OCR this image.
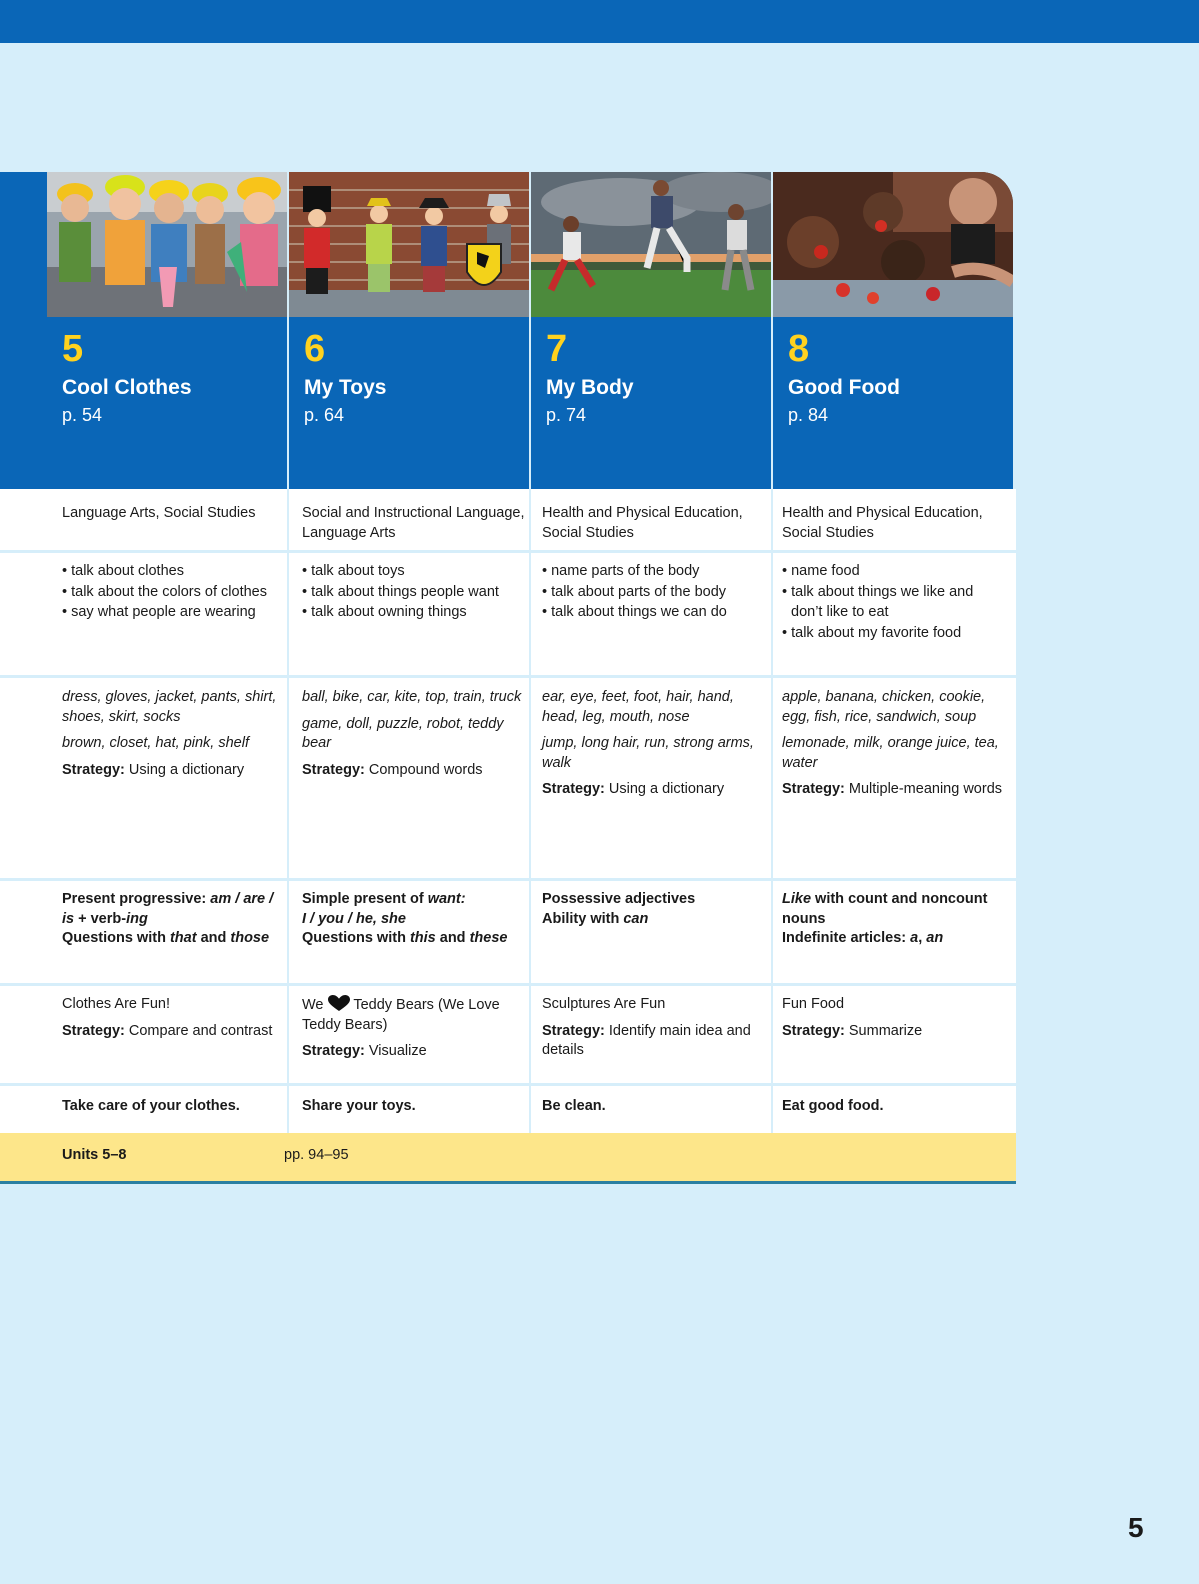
5
Cool Clothes
p. 54
6
My Toys
p. 64
7
My Body
p. 74
8
Good Food
p. 84

Language Arts, Social Studies

• talk about clothes
• talk about the colors of clothes
• say what people are wearing

dress, gloves, jacket, pants, shirt, shoes, skirt, socks

brown, closet, hat, pink, shelf

Strategy: Using a dictionary

Present progressive: am / are / is + verb-ing
Questions with that and those

Clothes Are Fun!

Strategy: Compare and contrast

Take care of your clothes.

Social and Instructional Language, Language Arts

• talk about toys
• talk about things people want
• talk about owning things

ball, bike, car, kite, top, train, truck

game, doll, puzzle, robot, teddy bear

Strategy: Compound words

Simple present of want:
I / you / he, she
Questions with this and these

We Teddy Bears (We Love Teddy Bears)

Strategy: Visualize

Share your toys.

Health and Physical Education, Social Studies

• name parts of the body
• talk about parts of the body
• talk about things we can do

ear, eye, feet, foot, hair, hand, head, leg, mouth, nose

jump, long hair, run, strong arms, walk

Strategy: Using a dictionary

Possessive adjectives
Ability with can

Sculptures Are Fun

Strategy: Identify main idea and details

Be clean.

Health and Physical Education, Social Studies

• name food
• talk about things we like and don’t like to eat
• talk about my favorite food

apple, banana, chicken, cookie, egg, fish, rice, sandwich, soup

lemonade, milk, orange juice, tea, water

Strategy: Multiple-meaning words

Like with count and noncount nouns
Indefinite articles: a, an

Fun Food

Strategy: Summarize

Eat good food.
Units 5–8	pp. 94–95
5
